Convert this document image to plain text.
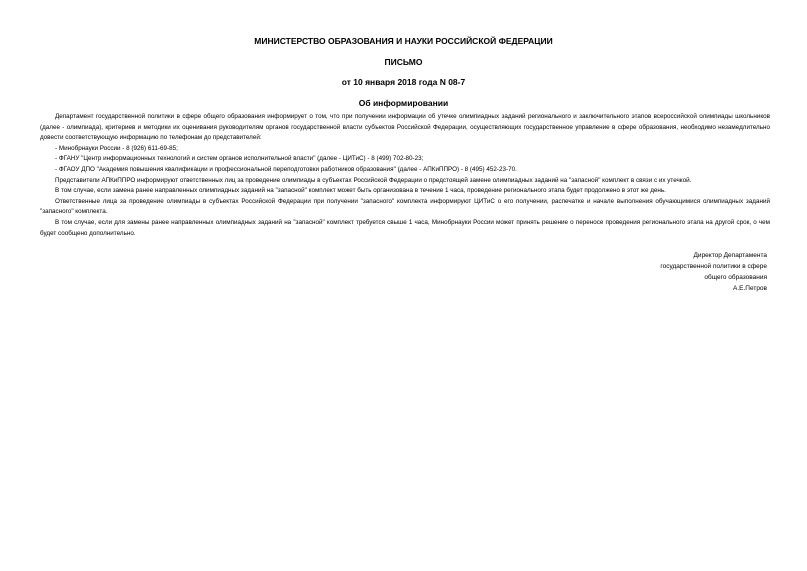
МИНИСТЕРСТВО ОБРАЗОВАНИЯ И НАУКИ РОССИЙСКОЙ ФЕДЕРАЦИИ
ПИСЬМО
от 10 января 2018 года N 08-7
Об информировании

Департамент государственной политики в сфере общего образования информирует о том, что при получении информации об утечке олимпиадных заданий регионального и заключительного этапов всероссийской олимпиады школьников (далее - олимпиада), критериев и методики их оценивания руководителям органов государственной власти субъектов Российской Федерации, осуществляющих государственное управление в сфере образования, необходимо незамедлительно довести соответствующую информацию по телефонам до представителей:

- Минобрнауки России - 8 (926) 611-69-85;

- ФГАНУ "Центр информационных технологий и систем органов исполнительной власти" (далее - ЦИТиС) - 8 (499) 702-80-23;

- ФГАОУ ДПО "Академия повышения квалификации и профессиональной переподготовки работников образования" (далее - АПКиППРО) - 8 (495) 452-23-70.

Представители АПКиППРО информируют ответственных лиц за проведение олимпиады в субъектах Российской Федерации о предстоящей замене олимпиадных заданий на "запасной" комплект в связи с их утечкой.

В том случае, если замена ранее направленных олимпиадных заданий на "запасной" комплект может быть организована в течение 1 часа, проведение регионального этапа будет продолжено в этот же день.

Ответственные лица за проведение олимпиады в субъектах Российской Федерации при получении "запасного" комплекта информируют ЦИТиС о его получении, распечатке и начале выполнения обучающимися олимпиадных заданий "запасного" комплекта.

В том случае, если для замены ранее направленных олимпиадных заданий на "запасной" комплект требуется свыше 1 часа, Минобрнауки России может принять решение о переносе проведения регионального этапа на другой срок, о чем будет сообщено дополнительно.

Директор Департамента
государственной политики в сфере
общего образования
А.Е.Петров
